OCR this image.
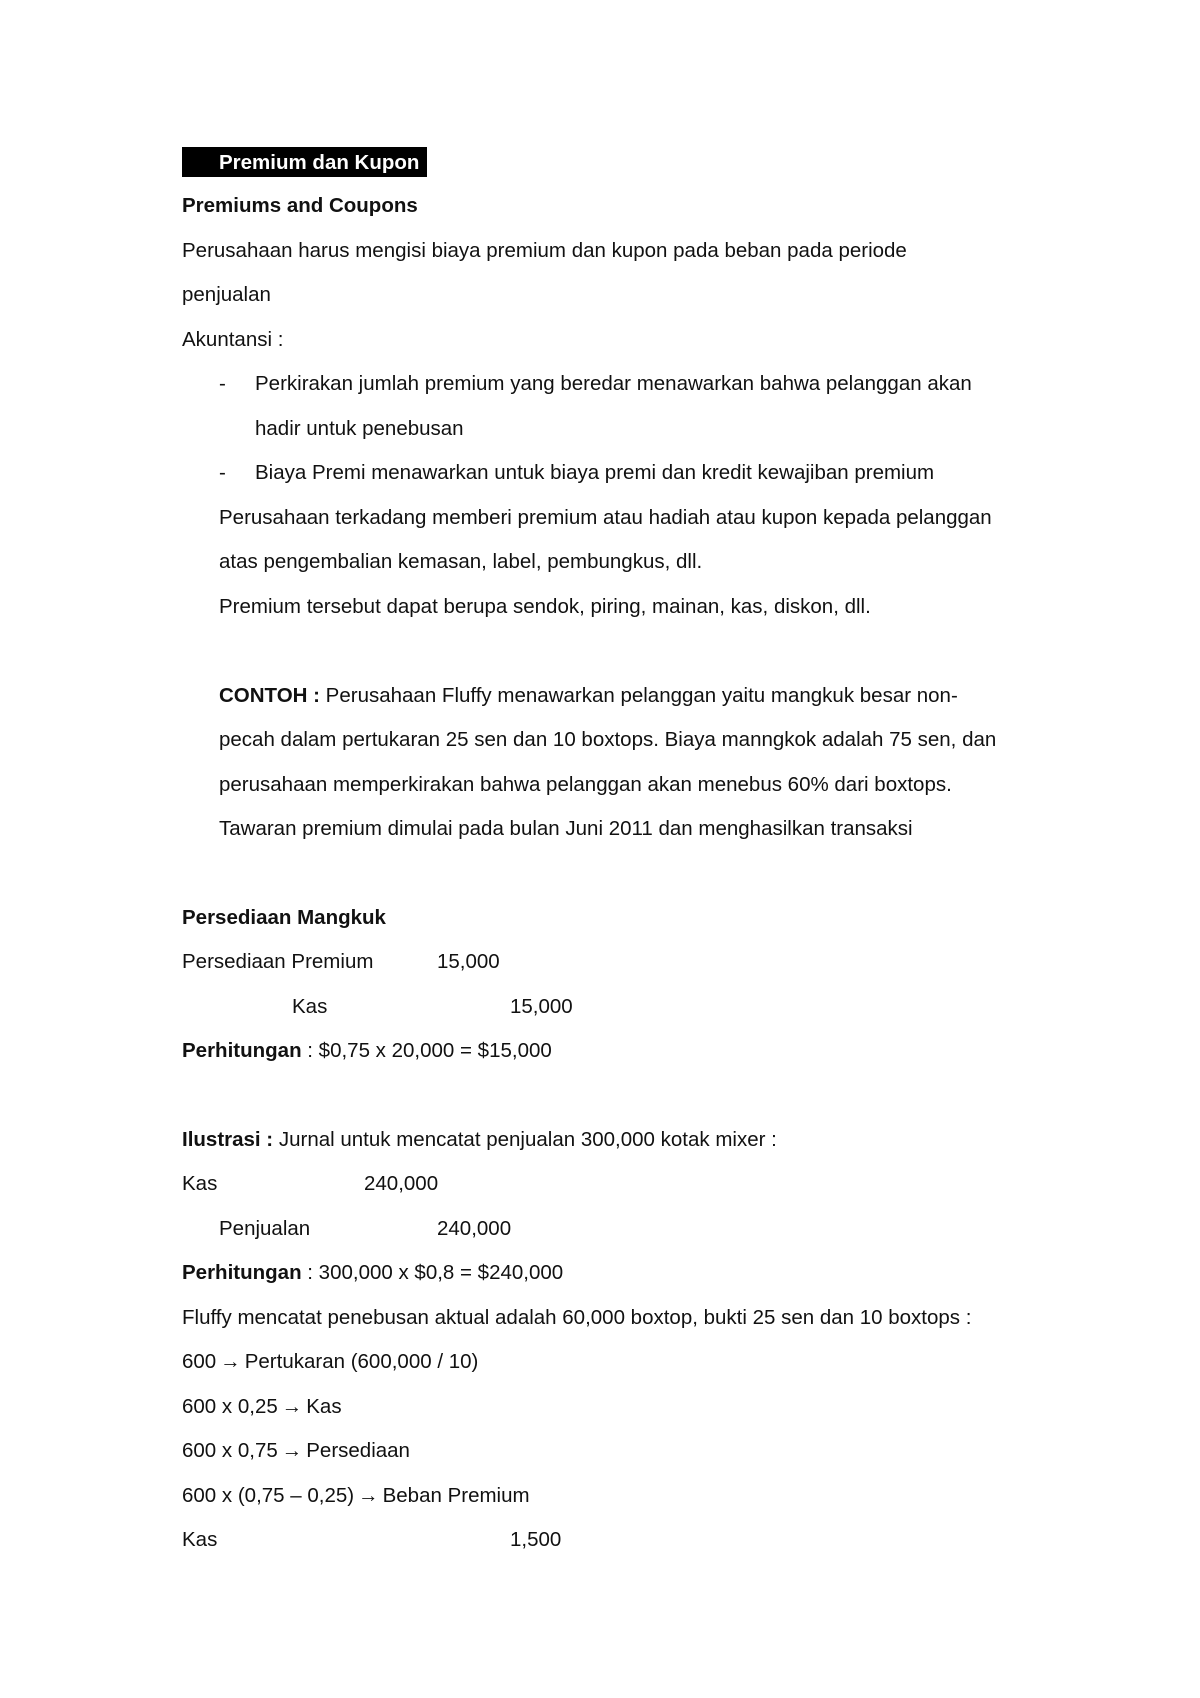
Premium dan Kupon
Premiums and Coupons
Perusahaan harus mengisi biaya premium dan kupon pada beban pada periode
penjualan
Akuntansi :
- Perkirakan jumlah premium yang beredar menawarkan bahwa pelanggan akan
hadir untuk penebusan
- Biaya Premi menawarkan untuk biaya premi dan kredit kewajiban premium
Perusahaan terkadang memberi premium atau hadiah atau kupon kepada pelanggan
atas pengembalian kemasan, label, pembungkus, dll.
Premium tersebut dapat berupa sendok, piring, mainan, kas, diskon, dll.
CONTOH : Perusahaan Fluffy menawarkan pelanggan yaitu mangkuk besar non-
pecah dalam pertukaran 25 sen dan 10 boxtops. Biaya manngkok adalah 75 sen, dan
perusahaan memperkirakan bahwa pelanggan akan menebus 60% dari boxtops.
Tawaran premium dimulai pada bulan Juni 2011 dan menghasilkan transaksi
Persediaan Mangkuk
Persediaan Premium	15,000
Kas	15,000
Perhitungan : $0,75 x 20,000 = $15,000
Ilustrasi : Jurnal untuk mencatat penjualan 300,000 kotak mixer :
Kas	240,000
Penjualan	240,000
Perhitungan : 300,000 x $0,8 = $240,000
Fluffy mencatat penebusan aktual adalah 60,000 boxtop, bukti 25 sen dan 10 boxtops :
600 → Pertukaran (600,000 / 10)
600 x 0,25 → Kas
600 x 0,75 → Persediaan
600 x (0,75 – 0,25) → Beban Premium
Kas	1,500
